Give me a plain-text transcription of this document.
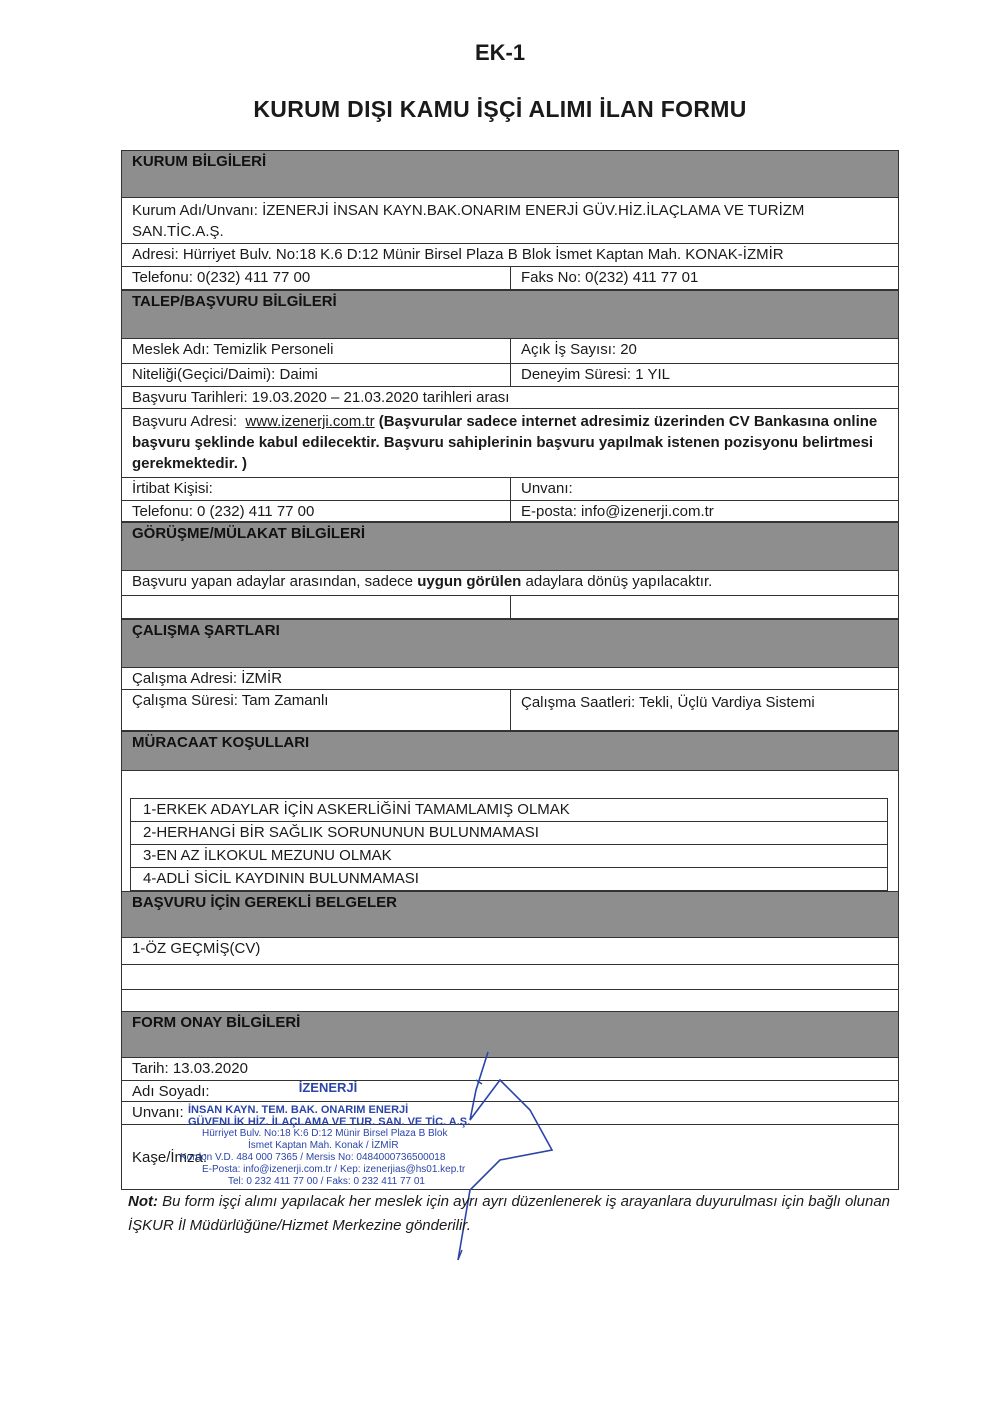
EK-1
KURUM DIŞI KAMU İŞÇİ ALIMI İLAN FORMU
KURUM BİLGİLERİ
Kurum Adı/Unvanı: İZENERJİ İNSAN KAYN.BAK.ONARIM ENERJİ GÜV.HİZ.İLAÇLAMA VE TURİZM SAN.TİC.A.Ş.
Adresi: Hürriyet Bulv. No:18 K.6 D:12 Münir Birsel Plaza B Blok İsmet Kaptan Mah. KONAK-İZMİR
Telefonu: 0(232) 411 77 00	Faks No: 0(232) 411 77 01
TALEP/BAŞVURU BİLGİLERİ
Meslek Adı: Temizlik Personeli	Açık İş Sayısı: 20
Niteliği(Geçici/Daimi): Daimi	Deneyim Süresi: 1 YIL
Başvuru Tarihleri: 19.03.2020 – 21.03.2020 tarihleri arası
Başvuru Adresi: www.izenerji.com.tr (Başvurular sadece internet adresimiz üzerinden CV Bankasına online başvuru şeklinde kabul edilecektir. Başvuru sahiplerinin başvuru yapılmak istenen pozisyonu belirtmesi gerekmektedir. )
İrtibat Kişisi:	Unvanı:
Telefonu: 0 (232) 411 77 00	E-posta: info@izenerji.com.tr
GÖRÜŞME/MÜLAKAT BİLGİLERİ
Başvuru yapan adaylar arasından, sadece uygun görülen adaylara dönüş yapılacaktır.
ÇALIŞMA ŞARTLARI
Çalışma Adresi: İZMİR
Çalışma Süresi: Tam Zamanlı	Çalışma Saatleri: Tekli, Üçlü Vardiya Sistemi
MÜRACAAT KOŞULLARI
1-ERKEK ADAYLAR İÇİN ASKERLİĞİNİ TAMAMLAMIŞ OLMAK
2-HERHANGİ BİR SAĞLIK SORUNUNUN BULUNMAMASI
3-EN AZ İLKOKUL MEZUNU OLMAK
4-ADLİ SİCİL KAYDININ BULUNMAMASI
BAŞVURU İÇİN GEREKLİ BELGELER
1-ÖZ GEÇMİŞ(CV)
FORM ONAY BİLGİLERİ
Tarih: 13.03.2020
Adı Soyadı:
Unvanı:
Kaşe/İmza:
İZENERJİ
İNSAN KAYN. TEM. BAK. ONARIM ENERJİ
GÜVENLİK HİZ. İLAÇLAMA VE TUR. SAN. VE TİC. A.Ş.
Hürriyet Bulv. No:18 K:6 D:12 Münir Birsel Plaza B Blok
İsmet Kaptan Mah. Konak / İZMİR
Kordon V.D. 484 000 7365 / Mersis No: 0484000736500018
E-Posta: info@izenerji.com.tr / Kep: izenerjias@hs01.kep.tr
Tel: 0 232 411 77 00 / Faks: 0 232 411 77 01
Not: Bu form işçi alımı yapılacak her meslek için ayrı ayrı düzenlenerek iş arayanlara duyurulması için bağlı olunan İŞKUR İl Müdürlüğüne/Hizmet Merkezine gönderilir.
